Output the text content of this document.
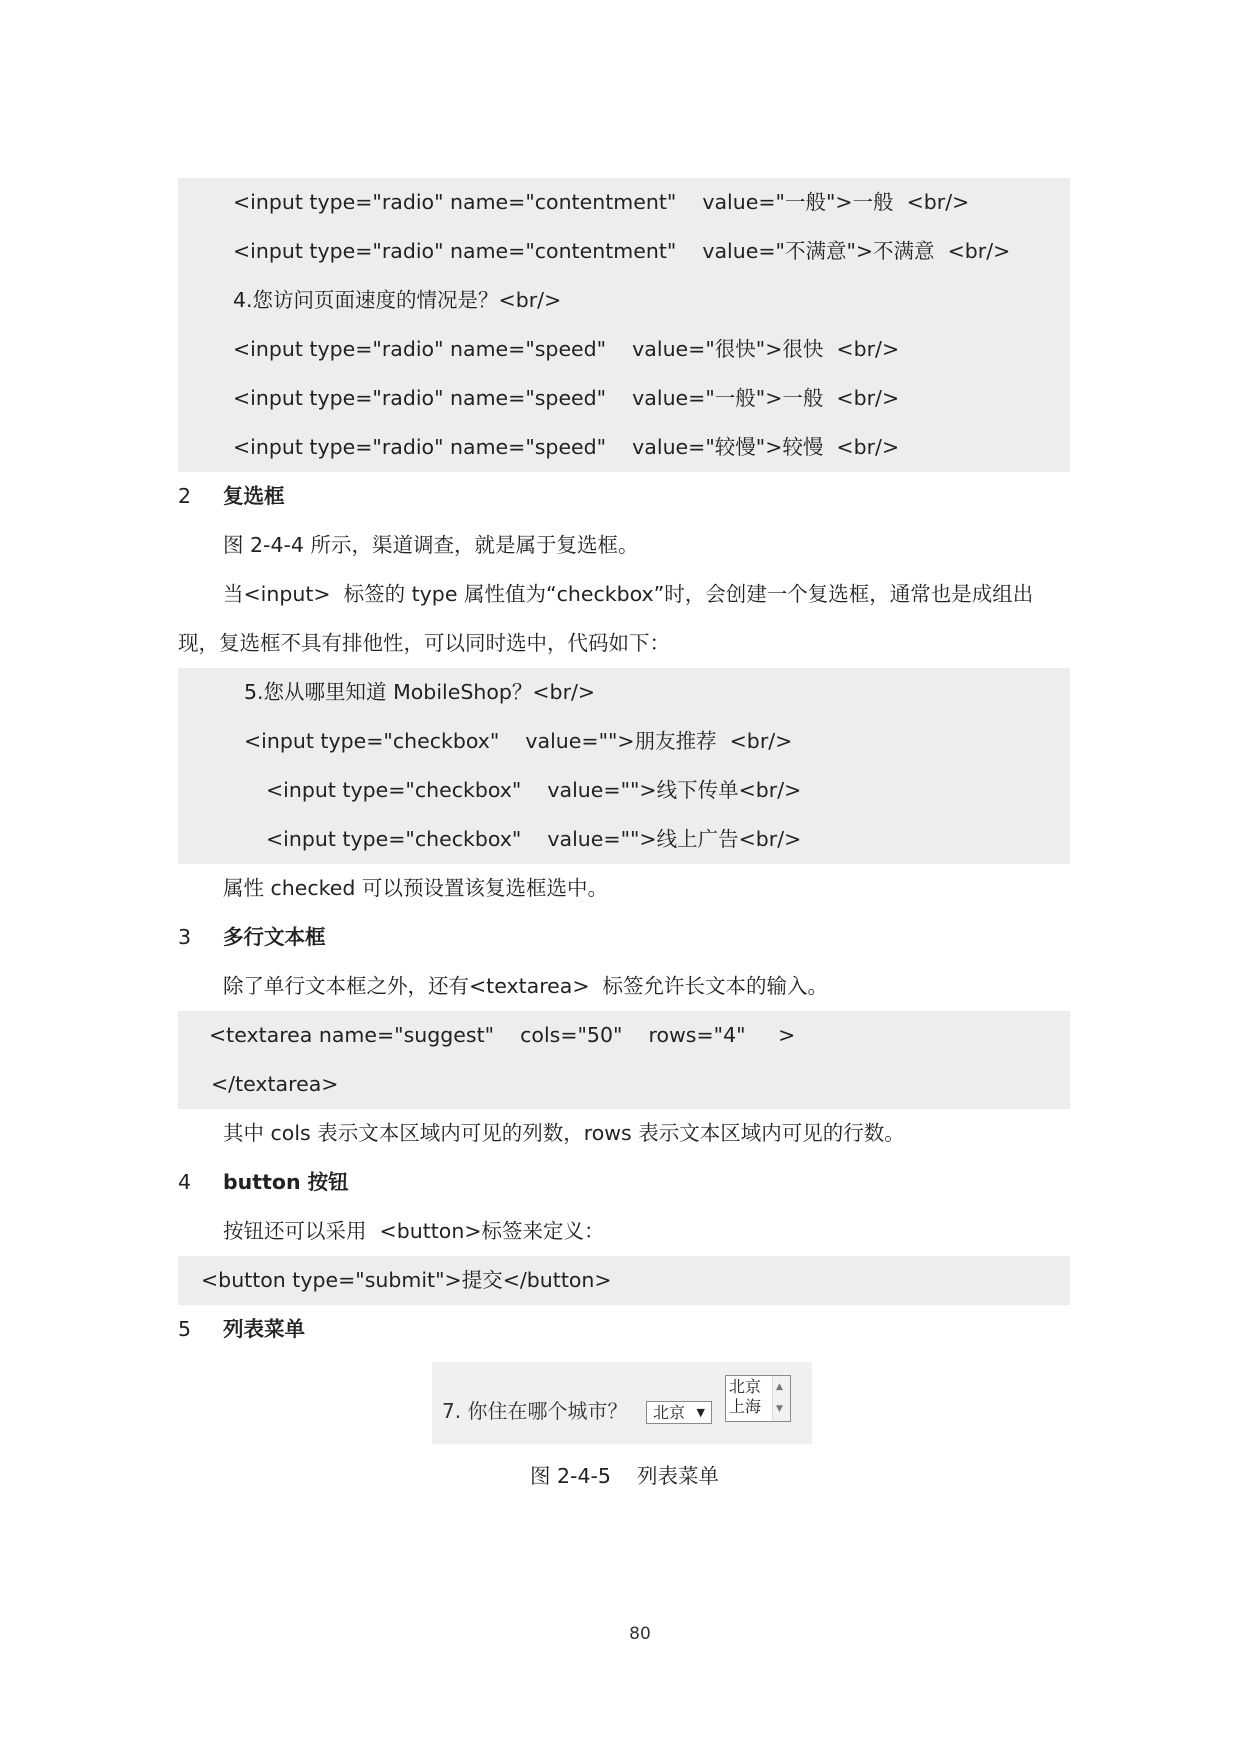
<input type="radio" name="contentment"    value="一般">一般  <br/>
<input type="radio" name="contentment"    value="不满意">不满意  <br/>
4.您访问页面速度的情况是？<br/>
<input type="radio" name="speed"    value="很快">很快  <br/>
<input type="radio" name="speed"    value="一般">一般  <br/>
<input type="radio" name="speed"    value="较慢">较慢  <br/>
2 复选框
图 2-4-4 所示，渠道调查，就是属于复选框。
当<input>  标签的 type 属性值为“checkbox”时，会创建一个复选框，通常也是成组出
现，复选框不具有排他性，可以同时选中，代码如下：
5.您从哪里知道 MobileShop？<br/>
<input type="checkbox"    value="">朋友推荐  <br/>
<input type="checkbox"    value="">线下传单<br/>
<input type="checkbox"    value="">线上广告<br/>
属性 checked 可以预设置该复选框选中。
3 多行文本框
除了单行文本框之外，还有<textarea>  标签允许长文本的输入。
<textarea name="suggest"    cols="50"    rows="4"     >
</textarea>
其中 cols 表示文本区域内可见的列数，rows 表示文本区域内可见的行数。
4 button 按钮
按钮还可以采用  <button>标签来定义：
<button type="submit">提交</button>
5 列表菜单
7. 你住在哪个城市？ 北京 ▼
北京
上海
▲
▼
图 2-4-5    列表菜单
80
